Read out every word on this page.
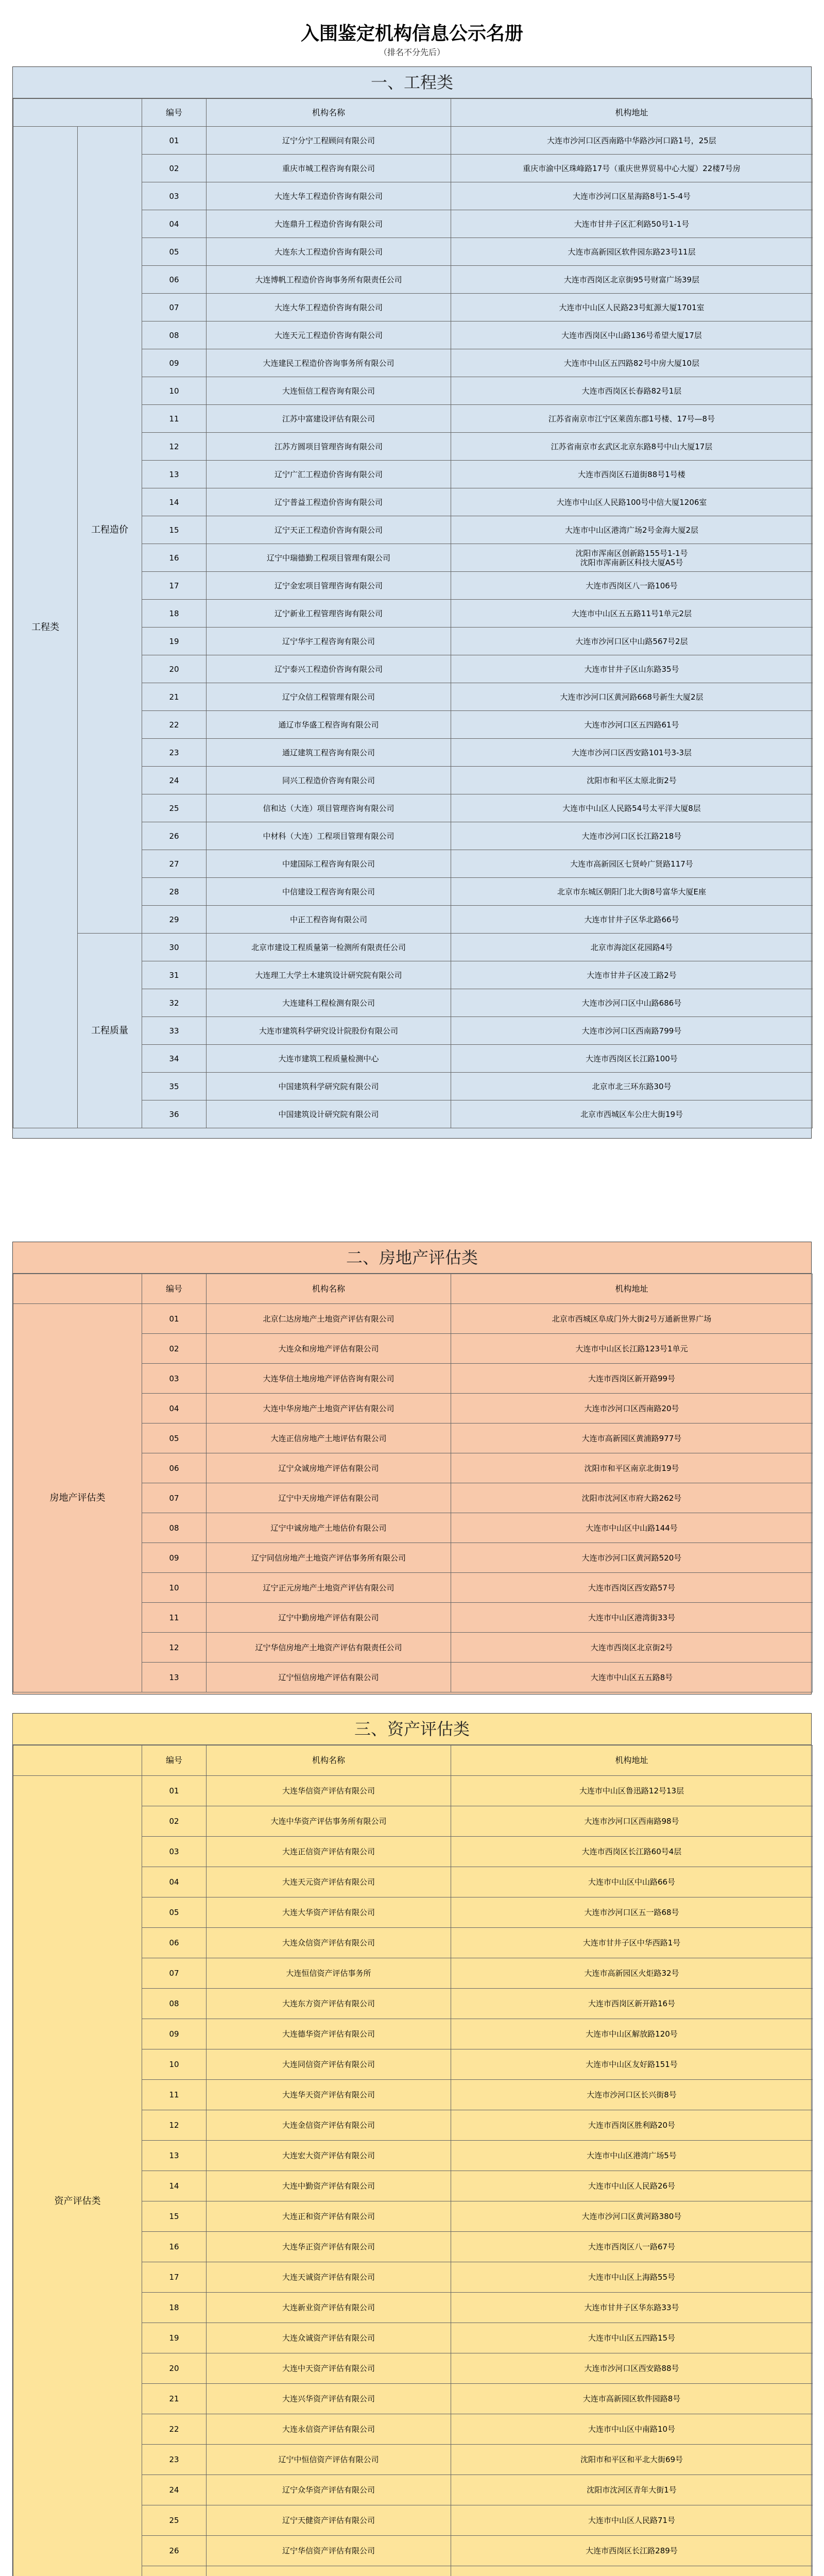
入围鉴定机构信息公示名册
（排名不分先后）
一、工程类
		编号	机构名称	机构地址
工程类	工程造价	01	辽宁分宁工程顾问有限公司	大连市沙河口区西南路中华路沙河口路1号，25层
		02	重庆市城工程咨询有限公司	重庆市渝中区珠峰路17号（重庆世界贸易中心大厦）22楼7号房
		03	大连大华工程造价咨询有限公司	大连市沙河口区星海路8号1-5-4号
		04	大连鼎升工程造价咨询有限公司	大连市甘井子区汇利路50号1-1号
		05	大连东大工程造价咨询有限公司	大连市高新园区软件园东路23号11层
		06	大连博帆工程造价咨询事务所有限责任公司	大连市西岗区北京街95号财富广场39层
		07	大连大华工程造价咨询有限公司	大连市中山区人民路23号虹源大厦1701室
		08	大连天元工程造价咨询有限公司	大连市西岗区中山路136号希望大厦17层
		09	大连建民工程造价咨询事务所有限公司	大连市中山区五四路82号中房大厦10层
		10	大连恒信工程咨询有限公司	大连市西岗区长春路82号1层
		11	江苏中富建设评估有限公司	江苏省南京市江宁区莱茵东郡1号楼、17号—8号
		12	江苏方圆项目管理咨询有限公司	江苏省南京市玄武区北京东路8号中山大厦17层
		13	辽宁广汇工程造价咨询有限公司	大连市西岗区石道街88号1号楼
		14	辽宁普益工程造价咨询有限公司	大连市中山区人民路100号中信大厦1206室
		15	辽宁天正工程造价咨询有限公司	大连市中山区港湾广场2号金海大厦2层
		16	辽宁中瑞德勤工程项目管理有限公司	沈阳市浑南区创新路155号1-1号
沈阳市浑南新区科技大厦A5号
		17	辽宁金宏项目管理咨询有限公司	大连市西岗区八一路106号
		18	辽宁新业工程管理咨询有限公司	大连市中山区五五路11号1单元2层
		19	辽宁华宇工程咨询有限公司	大连市沙河口区中山路567号2层
		20	辽宁泰兴工程造价咨询有限公司	大连市甘井子区山东路35号
		21	辽宁众信工程管理有限公司	大连市沙河口区黄河路668号新生大厦2层
		22	通辽市华盛工程咨询有限公司	大连市沙河口区五四路61号
		23	通辽建筑工程咨询有限公司	大连市沙河口区西安路101号3-3层
		24	同兴工程造价咨询有限公司	沈阳市和平区太原北街2号
		25	信和达（大连）项目管理咨询有限公司	大连市中山区人民路54号太平洋大厦8层
		26	中材科（大连）工程项目管理有限公司	大连市沙河口区长江路218号
		27	中建国际工程咨询有限公司	大连市高新园区七贤岭广贤路117号
		28	中信建设工程咨询有限公司	北京市东城区朝阳门北大街8号富华大厦E座
		29	中正工程咨询有限公司	大连市甘井子区华北路66号
	工程质量	30	北京市建设工程质量第一检测所有限责任公司	北京市海淀区花园路4号
		31	大连理工大学土木建筑设计研究院有限公司	大连市甘井子区凌工路2号
		32	大连建科工程检测有限公司	大连市沙河口区中山路686号
		33	大连市建筑科学研究设计院股份有限公司	大连市沙河口区西南路799号
		34	大连市建筑工程质量检测中心	大连市西岗区长江路100号
		35	中国建筑科学研究院有限公司	北京市北三环东路30号
		36	中国建筑设计研究院有限公司	北京市西城区车公庄大街19号
二、房地产评估类
	编号	机构名称	机构地址
房地产评估类	01	北京仁达房地产土地资产评估有限公司	北京市西城区阜成门外大街2号万通新世界广场
	02	大连众和房地产评估有限公司	大连市中山区长江路123号1单元
	03	大连华信土地房地产评估咨询有限公司	大连市西岗区新开路99号
	04	大连中华房地产土地资产评估有限公司	大连市沙河口区西南路20号
	05	大连正信房地产土地评估有限公司	大连市高新园区黄浦路977号
	06	辽宁众诚房地产评估有限公司	沈阳市和平区南京北街19号
	07	辽宁中天房地产评估有限公司	沈阳市沈河区市府大路262号
	08	辽宁中诚房地产土地估价有限公司	大连市中山区中山路144号
	09	辽宁同信房地产土地资产评估事务所有限公司	大连市沙河口区黄河路520号
	10	辽宁正元房地产土地资产评估有限公司	大连市西岗区西安路57号
	11	辽宁中勤房地产评估有限公司	大连市中山区港湾街33号
	12	辽宁华信房地产土地资产评估有限责任公司	大连市西岗区北京街2号
	13	辽宁恒信房地产评估有限公司	大连市中山区五五路8号
三、资产评估类
	编号	机构名称	机构地址
资产评估类	01	大连华信资产评估有限公司	大连市中山区鲁迅路12号13层
	02	大连中华资产评估事务所有限公司	大连市沙河口区西南路98号
	03	大连正信资产评估有限公司	大连市西岗区长江路60号4层
	04	大连天元资产评估有限公司	大连市中山区中山路66号
	05	大连大华资产评估有限公司	大连市沙河口区五一路68号
	06	大连众信资产评估有限公司	大连市甘井子区中华西路1号
	07	大连恒信资产评估事务所	大连市高新园区火炬路32号
	08	大连东方资产评估有限公司	大连市西岗区新开路16号
	09	大连德华资产评估有限公司	大连市中山区解放路120号
	10	大连同信资产评估有限公司	大连市中山区友好路151号
	11	大连华天资产评估有限公司	大连市沙河口区长兴街8号
	12	大连金信资产评估有限公司	大连市西岗区胜利路20号
	13	大连宏大资产评估有限公司	大连市中山区港湾广场5号
	14	大连中勤资产评估有限公司	大连市中山区人民路26号
	15	大连正和资产评估有限公司	大连市沙河口区黄河路380号
	16	大连华正资产评估有限公司	大连市西岗区八一路67号
	17	大连天诚资产评估有限公司	大连市中山区上海路55号
	18	大连新业资产评估有限公司	大连市甘井子区华东路33号
	19	大连众诚资产评估有限公司	大连市中山区五四路15号
	20	大连中天资产评估有限公司	大连市沙河口区西安路88号
	21	大连兴华资产评估有限公司	大连市高新园区软件园路8号
	22	大连永信资产评估有限公司	大连市中山区中南路10号
	23	辽宁中恒信资产评估有限公司	沈阳市和平区和平北大街69号
	24	辽宁众华资产评估有限公司	沈阳市沈河区青年大街1号
	25	辽宁天健资产评估有限公司	大连市中山区人民路71号
	26	辽宁华信资产评估有限公司	大连市西岗区长江路289号
